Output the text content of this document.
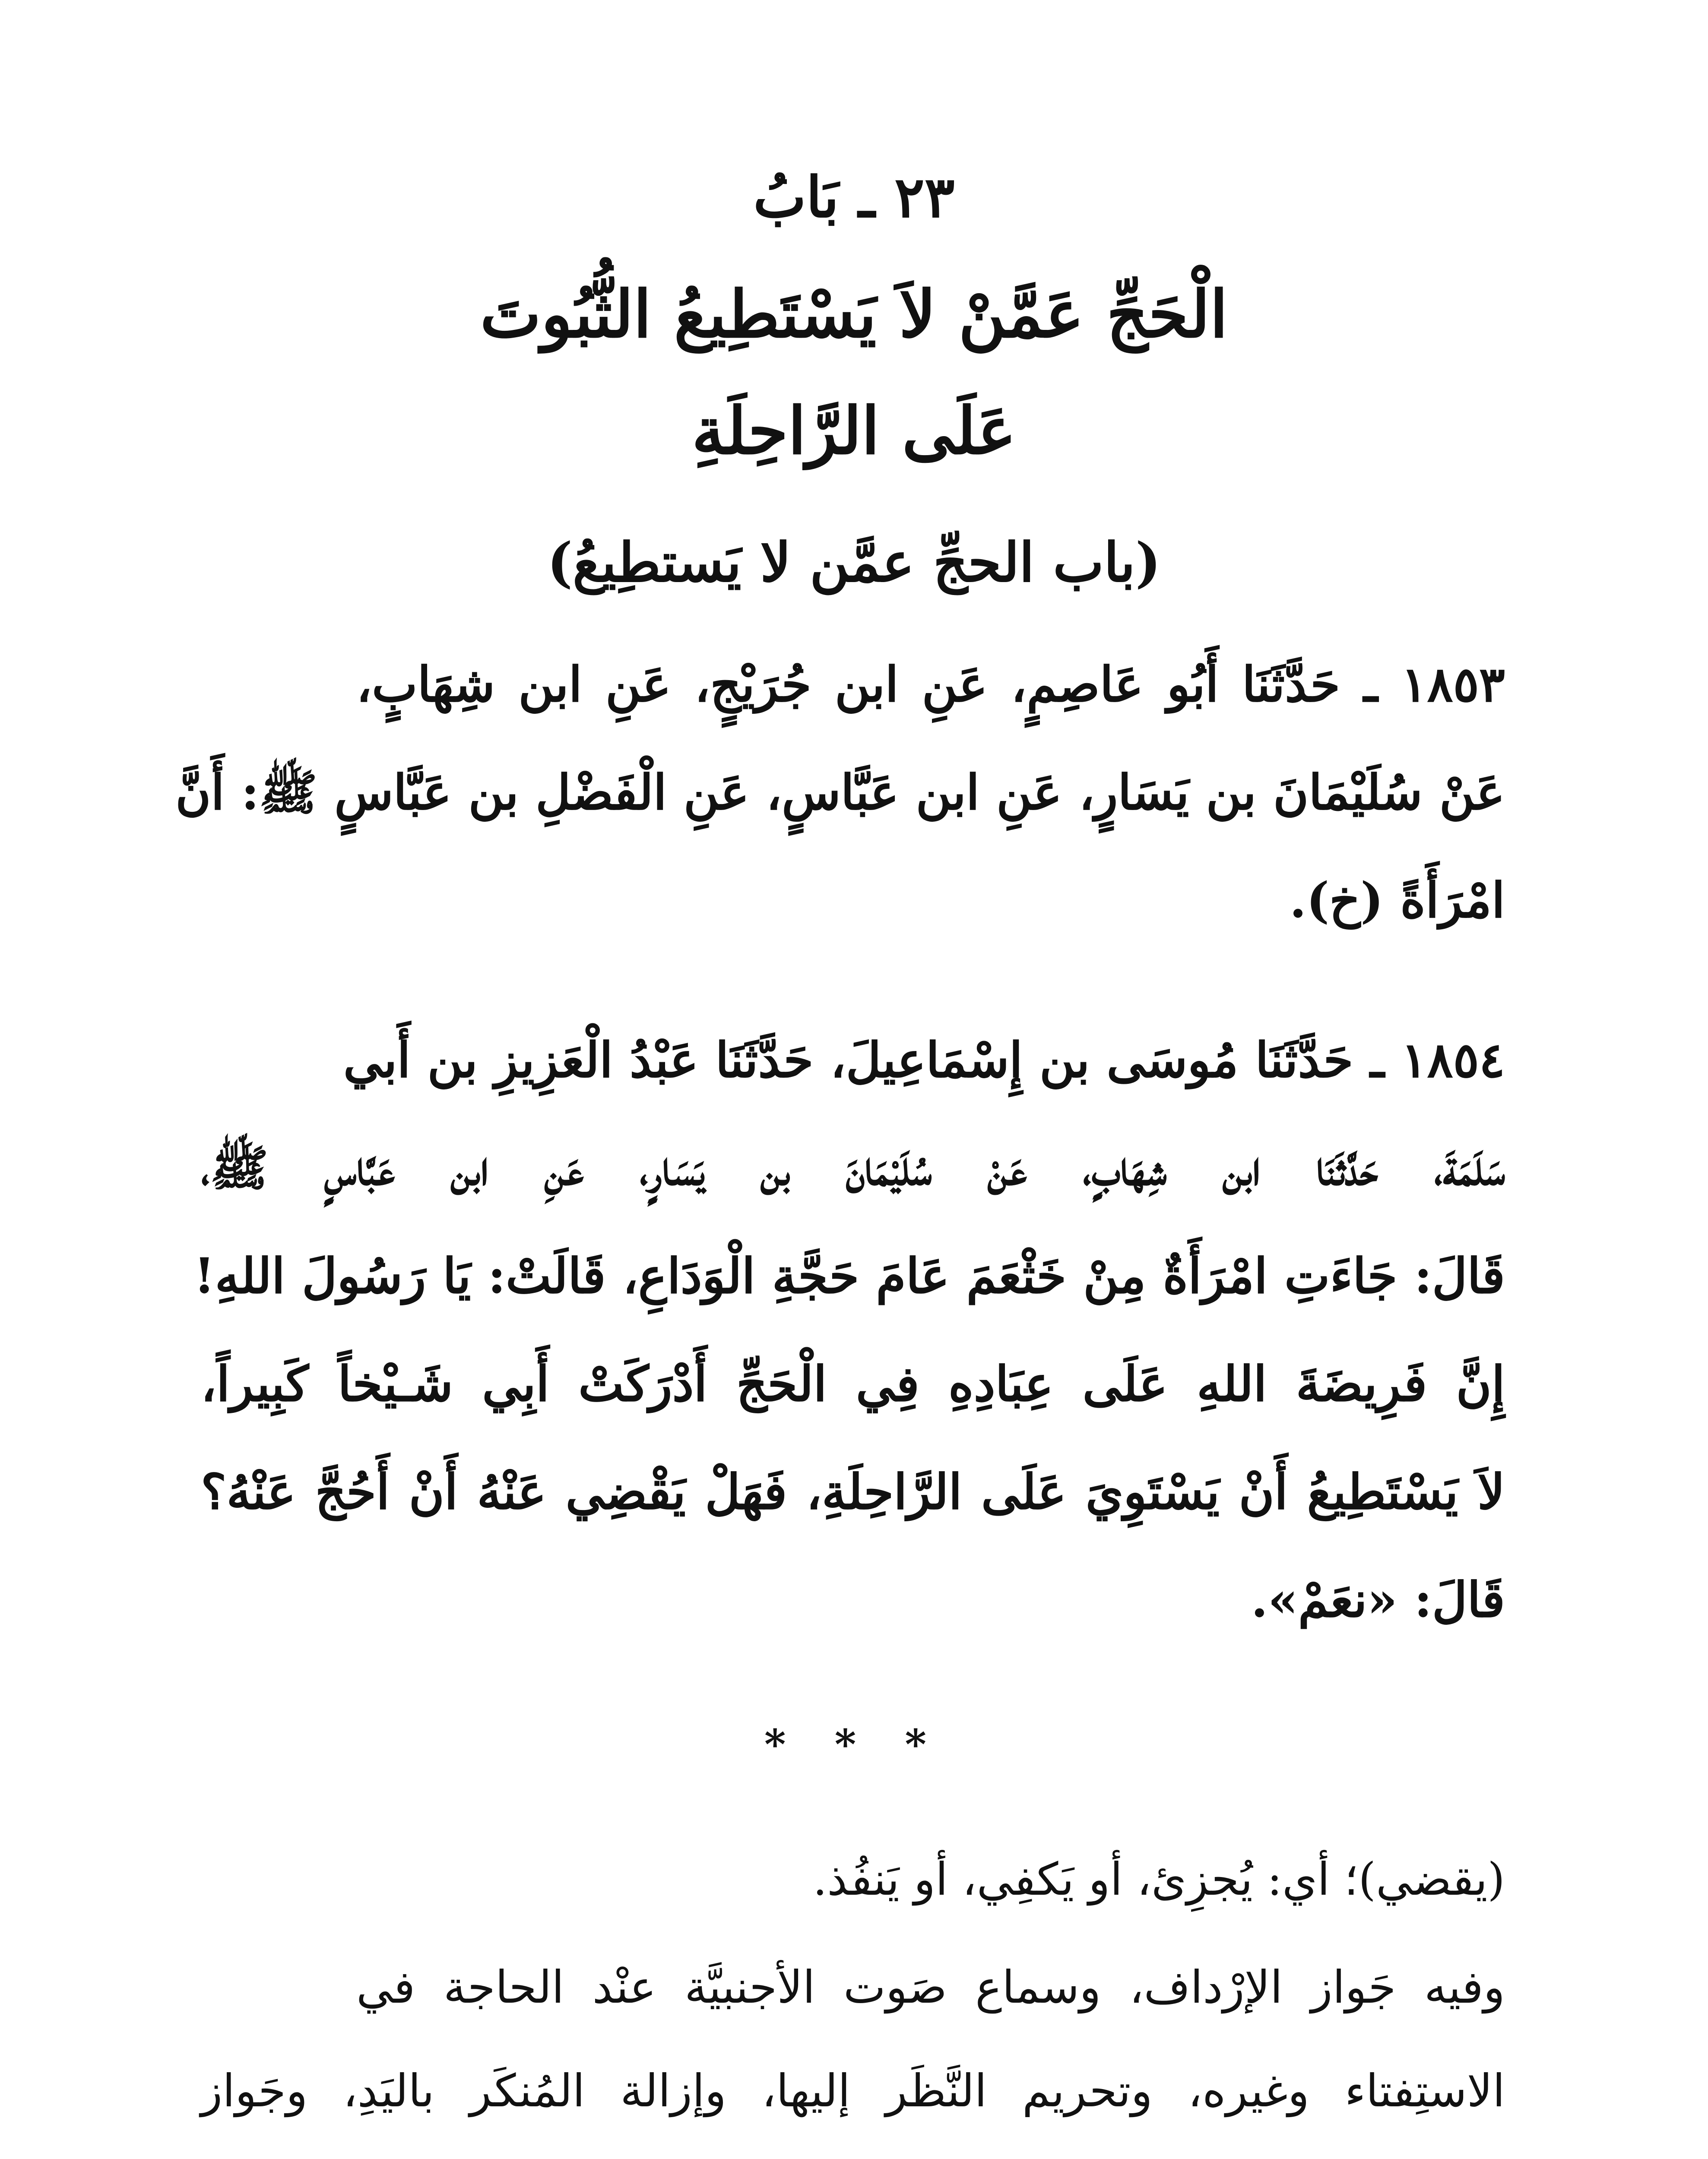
٢٣ ـ بَابُ
الْحَجِّ عَمَّنْ لاَ يَسْتَطِيعُ الثُّبُوتَ
عَلَى الرَّاحِلَةِ
(باب الحجِّ عمَّن لا يَستطِيعُ)
١٨٥٣ ـ حَدَّثَنَا أَبُو عَاصِمٍ، عَنِ ابن جُرَيْجٍ، عَنِ ابن شِهَابٍ،
عَنْ سُلَيْمَانَ بن يَسَارٍ، عَنِ ابن عَبَّاسٍ، عَنِ الْفَضْلِ بن عَبَّاسٍ ﷺ: أَنَّ
امْرَأَةً (خ).
١٨٥٤ ـ حَدَّثَنَا مُوسَى بن إِسْمَاعِيلَ، حَدَّثَنَا عَبْدُ الْعَزِيزِ بن أَبي
سَلَمَةَ، حَدَّثَنَا ابن شِهَابٍ، عَنْ سُلَيْمَانَ بن يَسَارٍ، عَنِ ابن عَبَّاسٍ ﷺ،
قَالَ: جَاءَتِ امْرَأَةٌ مِنْ خَثْعَمَ عَامَ حَجَّةِ الْوَدَاعِ، قَالَتْ: يَا رَسُولَ اللهِ!
إِنَّ فَرِيضَةَ اللهِ عَلَى عِبَادِهِ فِي الْحَجِّ أَدْرَكَتْ أَبِي شَـيْخاً كَبِيراً،
لاَ يَسْتَطِيعُ أَنْ يَسْتَوِيَ عَلَى الرَّاحِلَةِ، فَهَلْ يَقْضِي عَنْهُ أَنْ أَحُجَّ عَنْهُ؟
قَالَ: «نعَمْ».
* * *
(يقضي)؛ أي: يُجزِئ، أو يَكفِي، أو يَنفُذ.
وفيه جَواز الإرْداف، وسماع صَوت الأجنبيَّة عنْد الحاجة في
الاستِفتاء وغيره، وتحريم النَّظَر إليها، وإزالة المُنكَر باليَدِ، وجَواز
